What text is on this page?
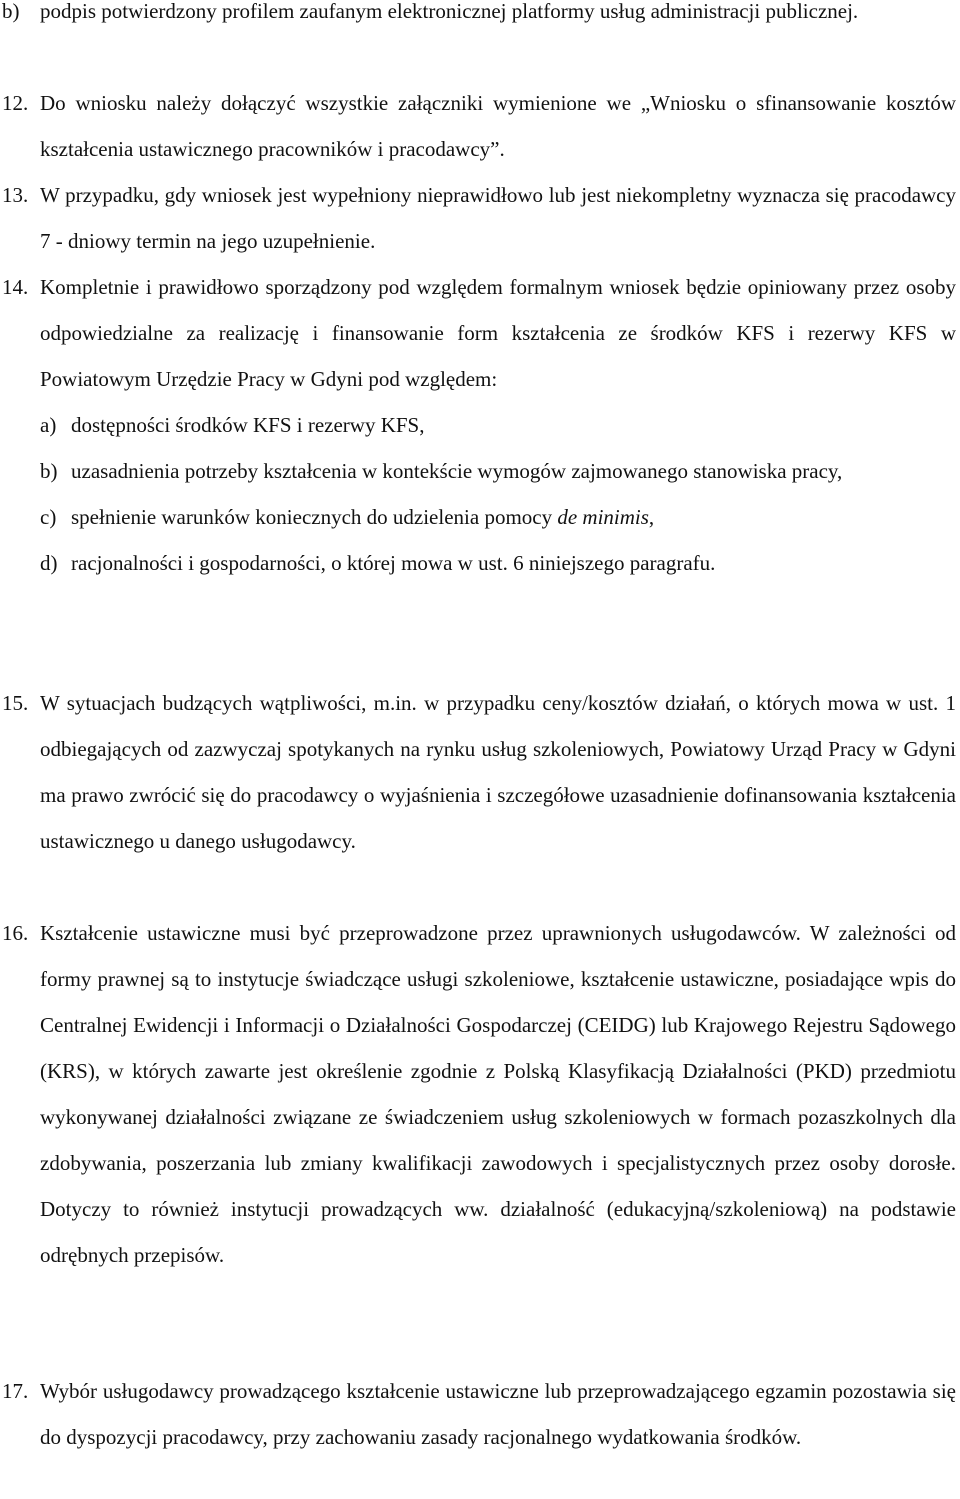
b) podpis potwierdzony profilem zaufanym elektronicznej platformy usług administracji publicznej.
12. Do wniosku należy dołączyć wszystkie załączniki wymienione we „Wniosku o sfinansowanie kosztów kształcenia ustawicznego pracowników i pracodawcy”.
13. W przypadku, gdy wniosek jest wypełniony nieprawidłowo lub jest niekompletny wyznacza się pracodawcy 7 - dniowy termin na jego uzupełnienie.
14. Kompletnie i prawidłowo sporządzony pod względem formalnym wniosek będzie opiniowany przez osoby odpowiedzialne za realizację i finansowanie form kształcenia ze środków KFS i rezerwy KFS w Powiatowym Urzędzie Pracy w Gdyni pod względem:
a) dostępności środków KFS i rezerwy KFS,
b) uzasadnienia potrzeby kształcenia w kontekście wymogów zajmowanego stanowiska pracy,
c) spełnienie warunków koniecznych do udzielenia pomocy de minimis,
d) racjonalności i gospodarności, o której mowa w ust. 6 niniejszego paragrafu.
15. W sytuacjach budzących wątpliwości, m.in. w przypadku ceny/kosztów działań, o których mowa w ust. 1 odbiegających od zazwyczaj spotykanych na rynku usług szkoleniowych, Powiatowy Urząd Pracy w Gdyni ma prawo zwrócić się do pracodawcy o wyjaśnienia i szczegółowe uzasadnienie dofinansowania kształcenia ustawicznego u danego usługodawcy.
16. Kształcenie ustawiczne musi być przeprowadzone przez uprawnionych usługodawców. W zależności od formy prawnej są to instytucje świadczące usługi szkoleniowe, kształcenie ustawiczne, posiadające wpis do Centralnej Ewidencji i Informacji o Działalności Gospodarczej (CEIDG) lub Krajowego Rejestru Sądowego (KRS), w których zawarte jest określenie zgodnie z Polską Klasyfikacją Działalności (PKD) przedmiotu wykonywanej działalności związane ze świadczeniem usług szkoleniowych w formach pozaszkolnych dla zdobywania, poszerzania lub zmiany kwalifikacji zawodowych i specjalistycznych przez osoby dorosłe. Dotyczy to również instytucji prowadzących ww. działalność (edukacyjną/szkoleniową) na podstawie odrębnych przepisów.
17. Wybór usługodawcy prowadzącego kształcenie ustawiczne lub przeprowadzającego egzamin pozostawia się do dyspozycji pracodawcy, przy zachowaniu zasady racjonalnego wydatkowania środków.
